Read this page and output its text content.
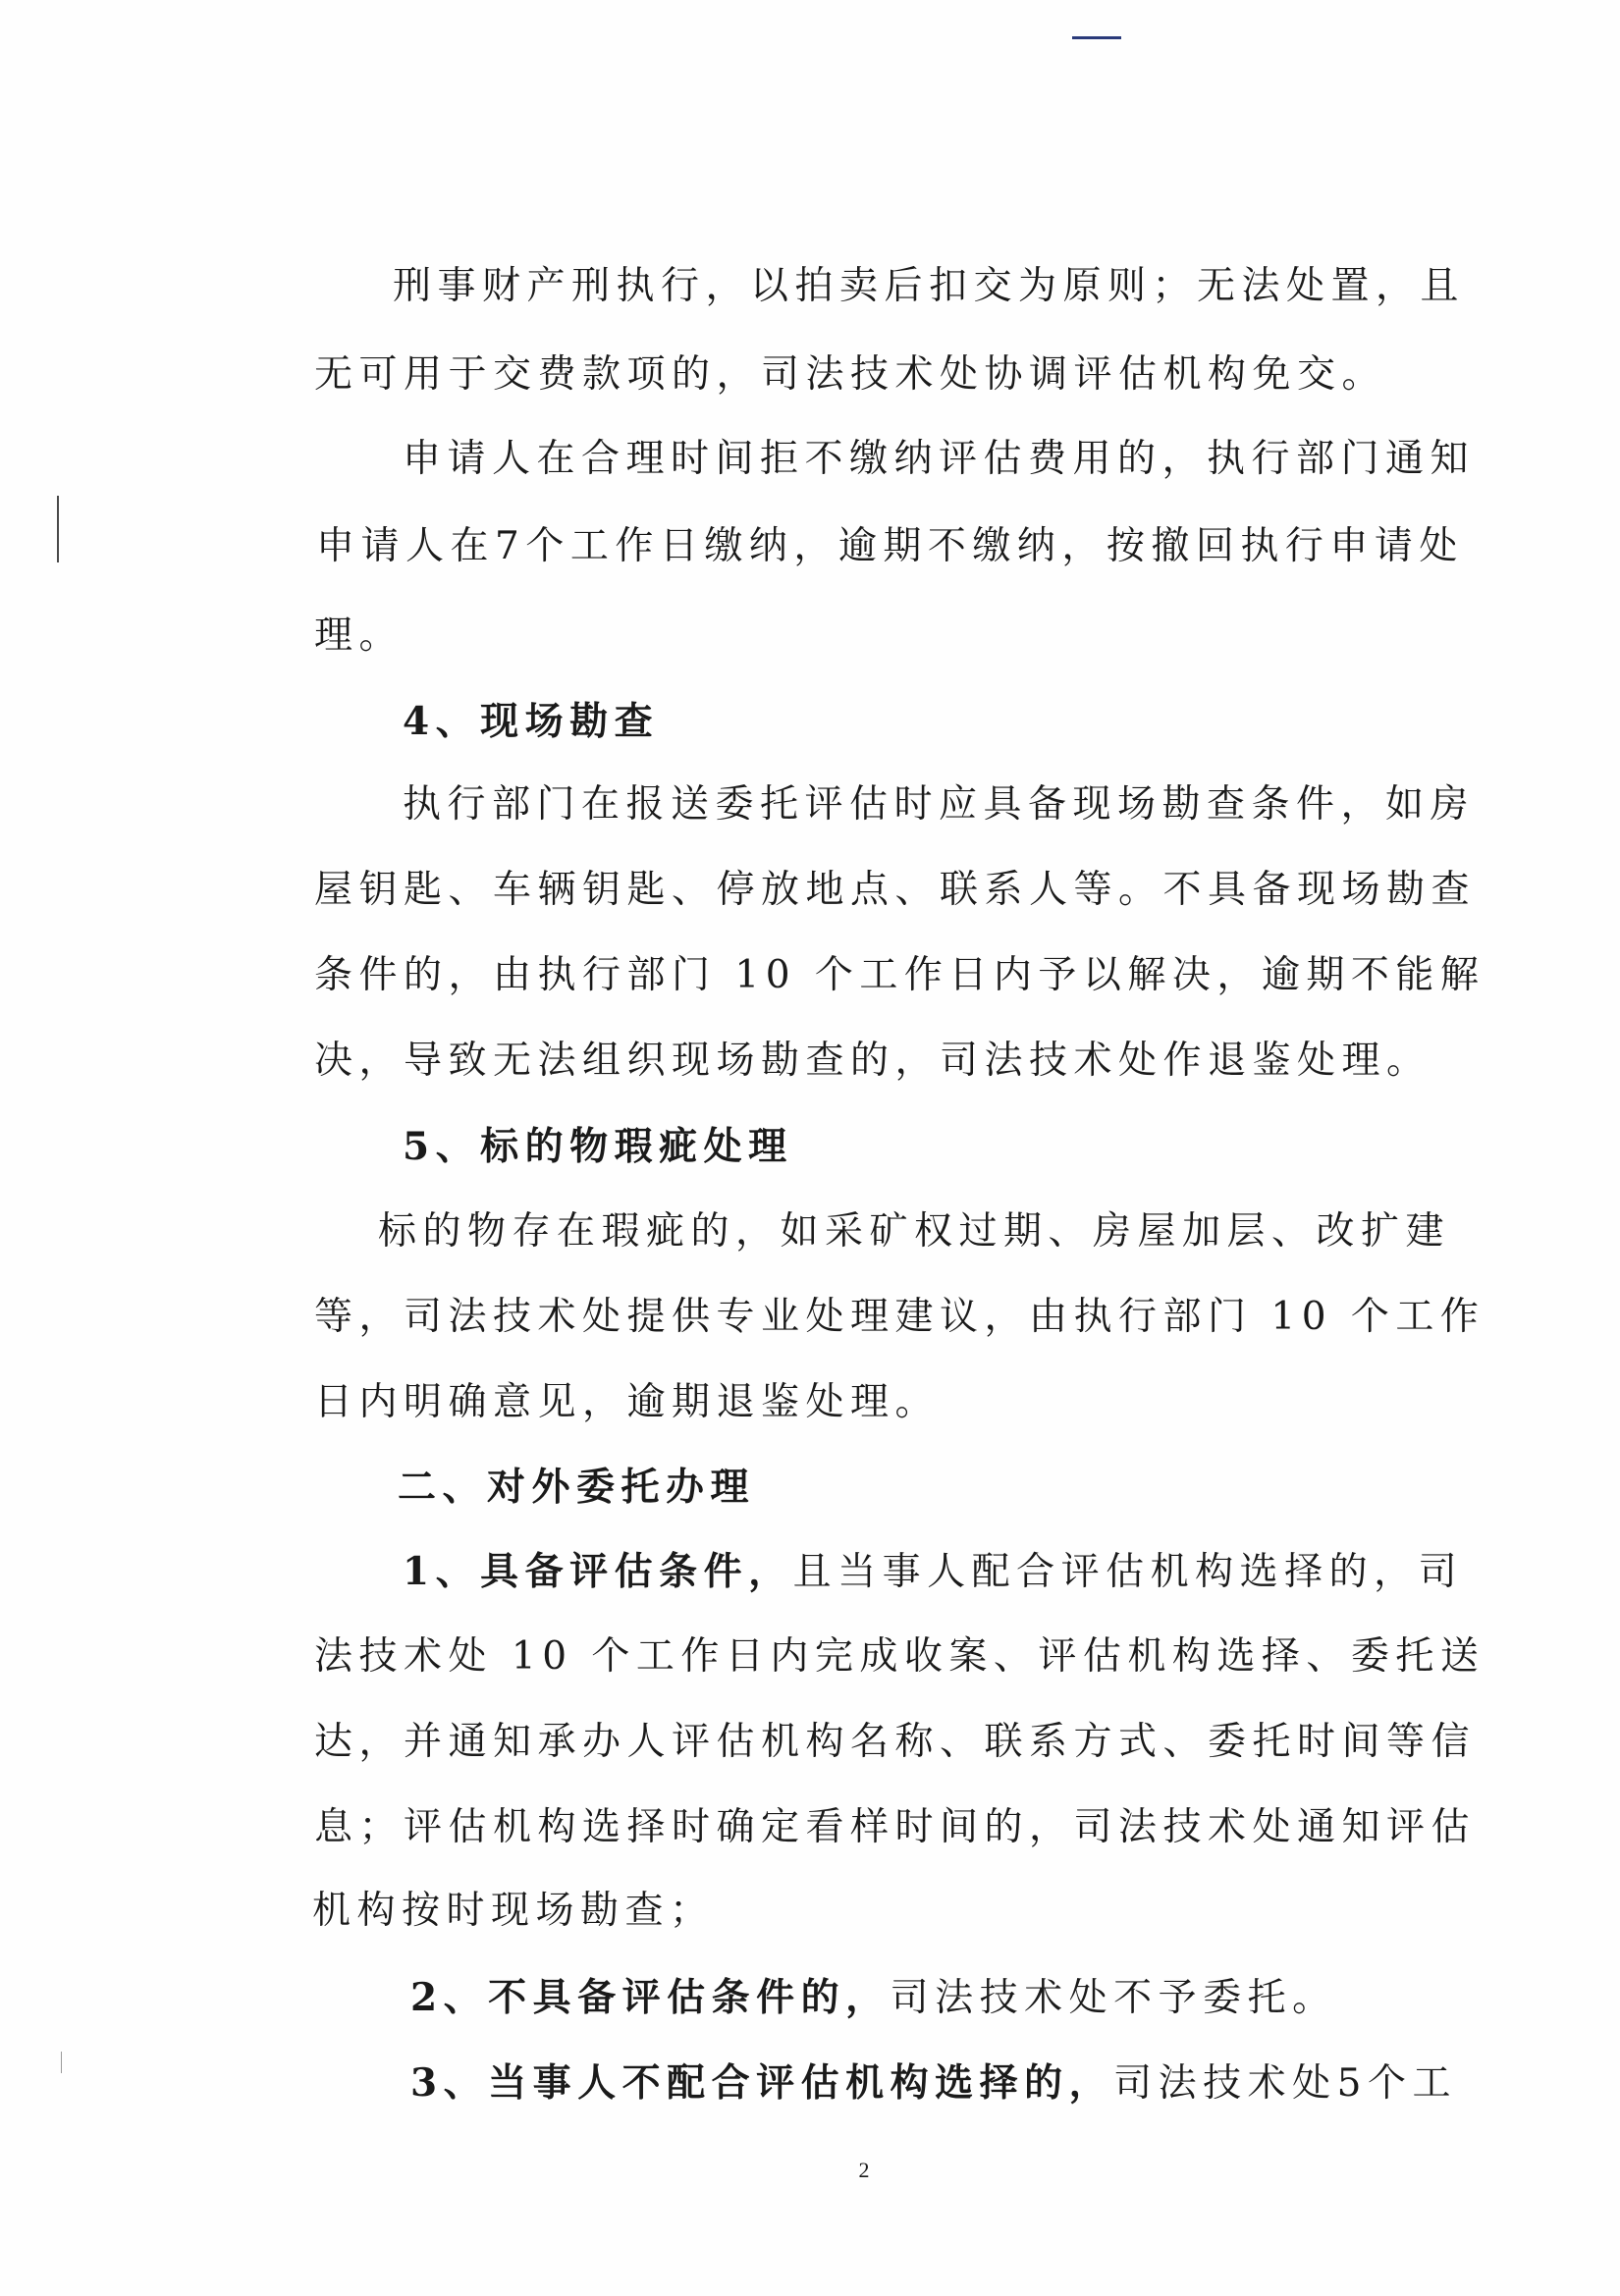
刑事财产刑执行，以拍卖后扣交为原则；无法处置，且
无可用于交费款项的，司法技术处协调评估机构免交。
申请人在合理时间拒不缴纳评估费用的，执行部门通知
申请人在7个工作日缴纳，逾期不缴纳，按撤回执行申请处
理。
4、现场勘查
执行部门在报送委托评估时应具备现场勘查条件，如房
屋钥匙、车辆钥匙、停放地点、联系人等。不具备现场勘查
条件的，由执行部门 10 个工作日内予以解决，逾期不能解
决，导致无法组织现场勘查的，司法技术处作退鉴处理。
5、标的物瑕疵处理
标的物存在瑕疵的，如采矿权过期、房屋加层、改扩建
等，司法技术处提供专业处理建议，由执行部门 10 个工作
日内明确意见，逾期退鉴处理。
二、对外委托办理
1、具备评估条件，且当事人配合评估机构选择的，司
法技术处 10 个工作日内完成收案、评估机构选择、委托送
达，并通知承办人评估机构名称、联系方式、委托时间等信
息；评估机构选择时确定看样时间的，司法技术处通知评估
机构按时现场勘查；
2、不具备评估条件的，司法技术处不予委托。
3、当事人不配合评估机构选择的，司法技术处5个工
2
